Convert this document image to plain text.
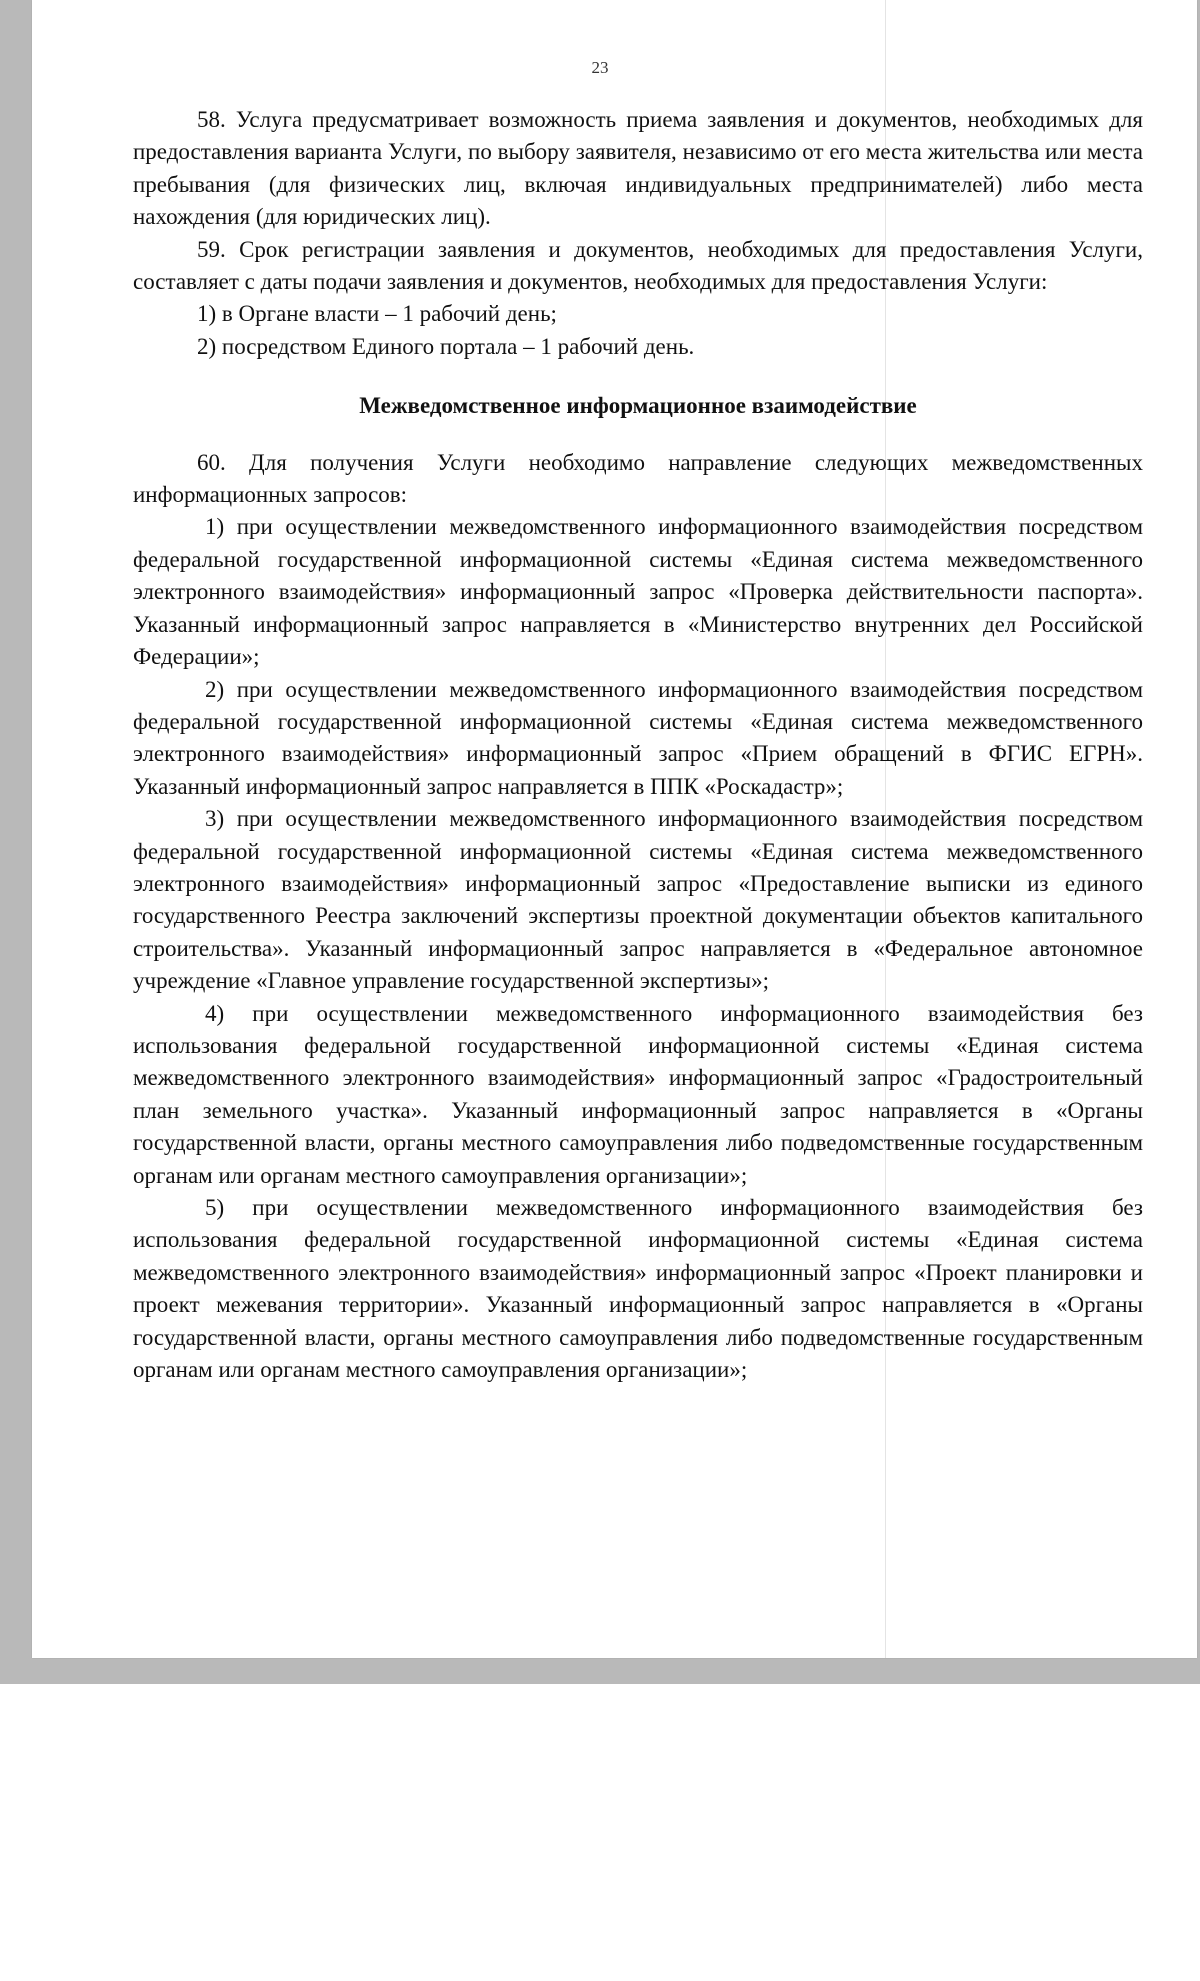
23

58. Услуга предусматривает возможность приема заявления и документов, необходимых для предоставления варианта Услуги, по выбору заявителя, независимо от его места жительства или места пребывания (для физических лиц, включая индивидуальных предпринимателей) либо места нахождения (для юридических лиц).

59. Срок регистрации заявления и документов, необходимых для предоставления Услуги, составляет с даты подачи заявления и документов, необходимых для предоставления Услуги:

1) в Органе власти – 1 рабочий день;

2) посредством Единого портала – 1 рабочий день.

Межведомственное информационное взаимодействие

60. Для получения Услуги необходимо направление следующих межведомственных информационных запросов:

1) при осуществлении межведомственного информационного взаимодействия посредством федеральной государственной информационной системы «Единая система межведомственного электронного взаимодействия» информационный запрос «Проверка действительности паспорта». Указанный информационный запрос направляется в «Министерство внутренних дел Российской Федерации»;

2) при осуществлении межведомственного информационного взаимодействия посредством федеральной государственной информационной системы «Единая система межведомственного электронного взаимодействия» информационный запрос «Прием обращений в ФГИС ЕГРН». Указанный информационный запрос направляется в ППК «Роскадастр»;

3) при осуществлении межведомственного информационного взаимодействия посредством федеральной государственной информационной системы «Единая система межведомственного электронного взаимодействия» информационный запрос «Предоставление выписки из единого государственного Реестра заключений экспертизы проектной документации объектов капитального строительства». Указанный информационный запрос направляется в «Федеральное автономное учреждение «Главное управление государственной экспертизы»;

4) при осуществлении межведомственного информационного взаимодействия без использования федеральной государственной информационной системы «Единая система межведомственного электронного взаимодействия» информационный запрос «Градостроительный план земельного участка». Указанный информационный запрос направляется в «Органы государственной власти, органы местного самоуправления либо подведомственные государственным органам или органам местного самоуправления организации»;

5) при осуществлении межведомственного информационного взаимодействия без использования федеральной государственной информационной системы «Единая система межведомственного электронного взаимодействия» информационный запрос «Проект планировки и проект межевания территории». Указанный информационный запрос направляется в «Органы государственной власти, органы местного самоуправления либо подведомственные государственным органам или органам местного самоуправления организации»;
